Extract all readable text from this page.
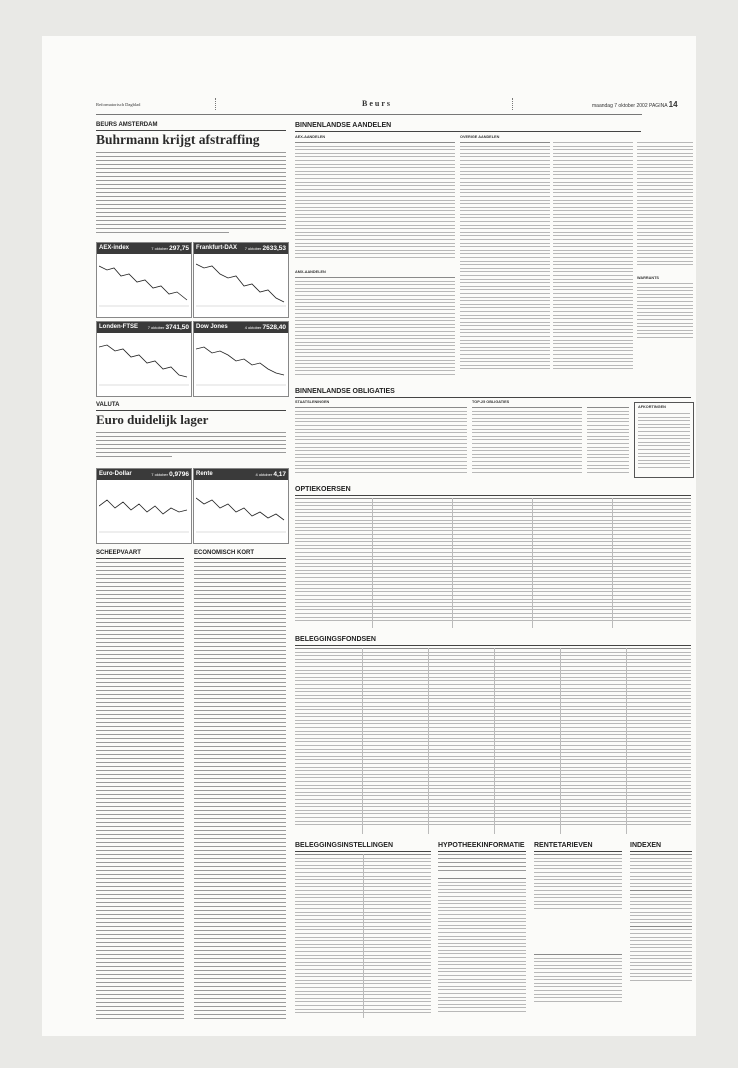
Reformatorisch Dagblad	Beurs	maandag 7 oktober 2002 PAGINA 14
BEURS AMSTERDAM
Buhrmann krijgt afstraffing
AEX-index	7 oktober 297,75	Frankfurt-DAX 7 oktober 2633,53
Londen-FTSE 7 oktober 3741,50	Dow Jones	4 oktober 7528,40
VALUTA
Euro duidelijk lager
Euro-Dollar	7 oktober 0,9796	Rente	4 oktober 4,17
SCHEEPVAART	ECONOMISCH KORT
BINNENLANDSE AANDELEN
AEX-AANDELEN
AMX-AANDELEN
OVERIGE AANDELEN
WARRANTS
BINNENLANDSE OBLIGATIES
STAATSLENINGEN	TOP-25 OBLIGATIES
AFKORTINGEN
OPTIEKOERSEN
BELEGGINGSFONDSEN
BELEGGINGSINSTELLINGEN	HYPOTHEEKINFORMATIE RENTETARIEVEN	INDEXEN
